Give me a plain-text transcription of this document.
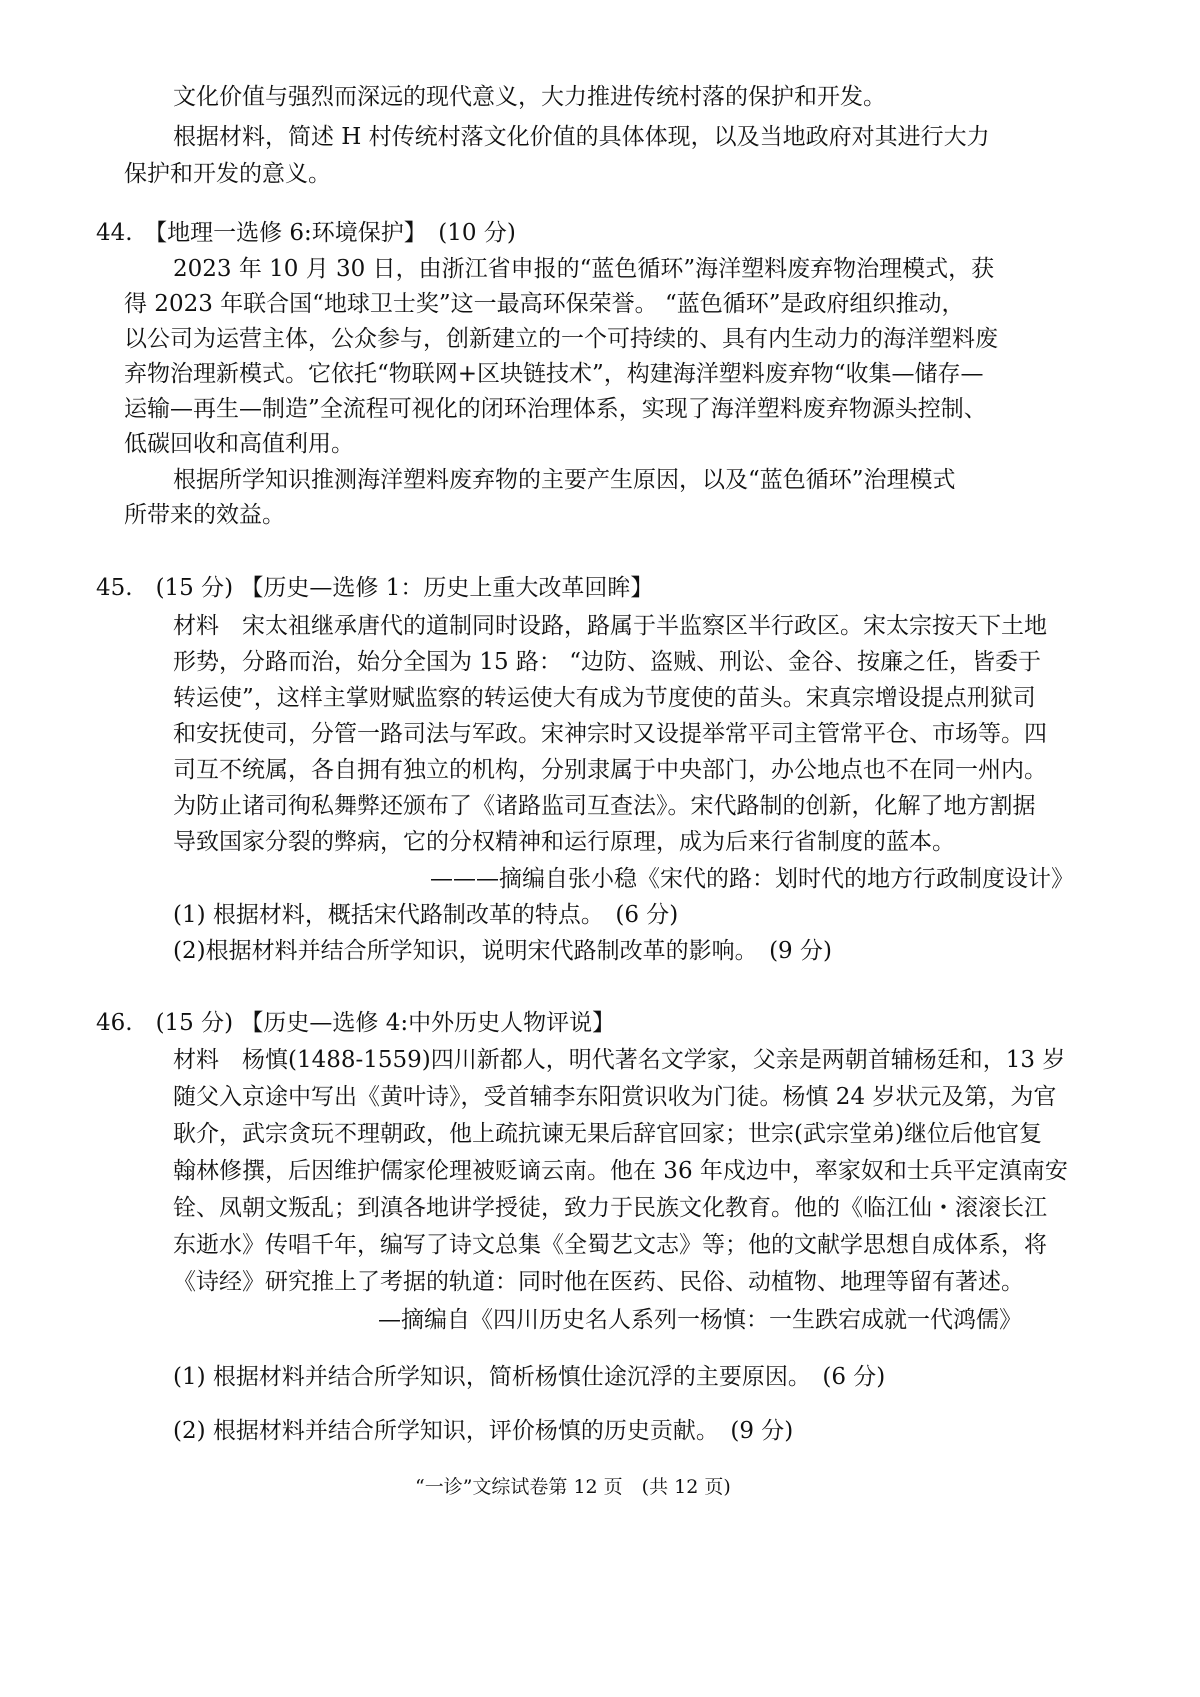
文化价值与强烈而深远的现代意义，大力推进传统村落的保护和开发。
根据材料，简述 H 村传统村落文化价值的具体体现，以及当地政府对其进行大力
保护和开发的意义。
44.　【地理一选修 6:环境保护】　(10 分)
2023 年 10 月 30 日，由浙江省申报的“蓝色循环”海洋塑料废弃物治理模式，获
得 2023 年联合国“地球卫士奖”这一最高环保荣誉。 “蓝色循环”是政府组织推动，
以公司为运营主体，公众参与，创新建立的一个可持续的、具有内生动力的海洋塑料废
弃物治理新模式。它依托“物联网+区块链技术”，构建海洋塑料废弃物“收集—储存—
运输—再生—制造”全流程可视化的闭环治理体系，实现了海洋塑料废弃物源头控制、
低碳回收和高值利用。
根据所学知识推测海洋塑料废弃物的主要产生原因，以及“蓝色循环”治理模式
所带来的效益。
45.　(15 分) 【历史—选修 1：历史上重大改革回眸】
材料　宋太祖继承唐代的道制同时设路，路属于半监察区半行政区。宋太宗按天下土地
形势，分路而治，始分全国为 15 路： “边防、盗贼、刑讼、金谷、按廉之任，皆委于
转运使”，这样主掌财赋监察的转运使大有成为节度使的苗头。宋真宗增设提点刑狱司
和安抚使司，分管一路司法与军政。宋神宗时又设提举常平司主管常平仓、市场等。四
司互不统属，各自拥有独立的机构，分别隶属于中央部门，办公地点也不在同一州内。
为防止诸司徇私舞弊还颁布了《诸路监司互查法》。宋代路制的创新，化解了地方割据
导致国家分裂的弊病，它的分权精神和运行原理，成为后来行省制度的蓝本。
———摘编自张小稳《宋代的路：划时代的地方行政制度设计》
(1) 根据材料，概括宋代路制改革的特点。　(6 分)
(2)根据材料并结合所学知识，说明宋代路制改革的影响。　(9 分)
46.　(15 分) 【历史—选修 4:中外历史人物评说】
材料　杨慎(1488-1559)四川新都人，明代著名文学家，父亲是两朝首辅杨廷和，13 岁
随父入京途中写出《黄叶诗》，受首辅李东阳赏识收为门徒。杨慎 24 岁状元及第，为官
耿介，武宗贪玩不理朝政，他上疏抗谏无果后辞官回家；世宗(武宗堂弟)继位后他官复
翰林修撰，后因维护儒家伦理被贬谪云南。他在 36 年戍边中，率家奴和士兵平定滇南安
铨、凤朝文叛乱；到滇各地讲学授徒，致力于民族文化教育。他的《临江仙・滚滚长江
东逝水》传唱千年，编写了诗文总集《全蜀艺文志》等；他的文献学思想自成体系，将
《诗经》研究推上了考据的轨道：同时他在医药、民俗、动植物、地理等留有著述。
—摘编自《四川历史名人系列一杨慎：一生跌宕成就一代鸿儒》
(1) 根据材料并结合所学知识，简析杨慎仕途沉浮的主要原因。　(6 分)
(2) 根据材料并结合所学知识，评价杨慎的历史贡献。　(9 分)
“一诊”文综试卷第 12 页　(共 12 页)
